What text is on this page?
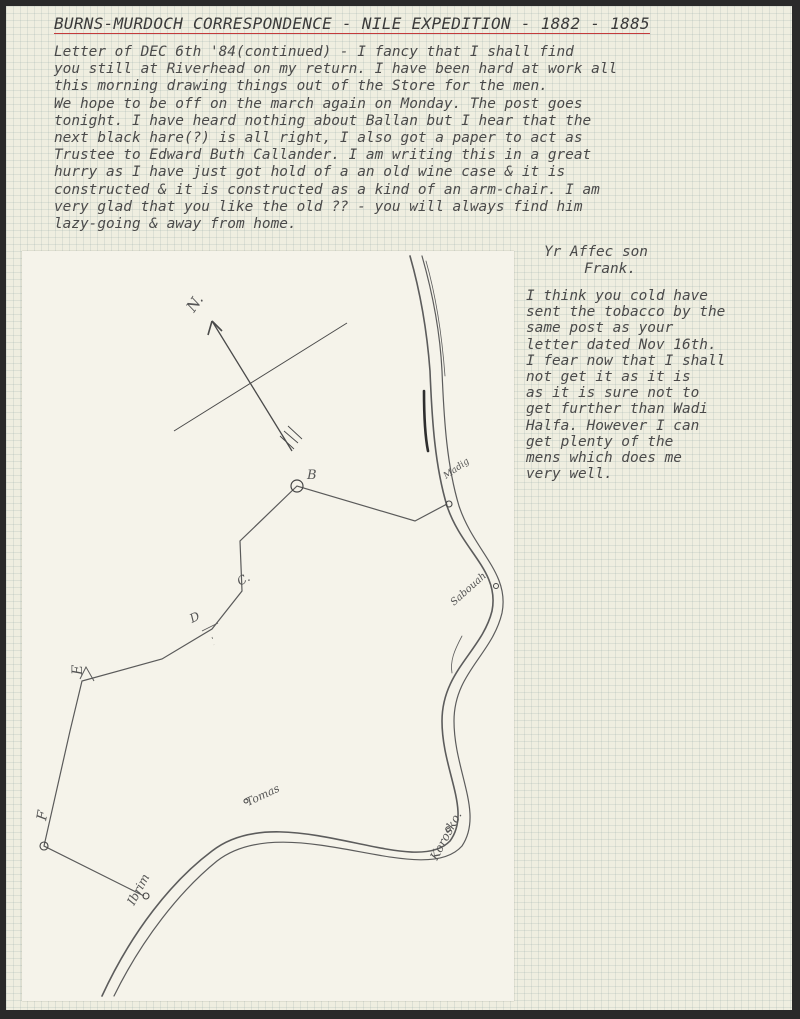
BURNS-MURDOCH CORRESPONDENCE - NILE EXPEDITION - 1882 - 1885

Letter of DEC 6th '84(continued) - I fancy that I shall find

you still at Riverhead on my return. I have been hard at work all

this morning drawing things out of the Store for the men.

We hope to be off on the march again on Monday. The post goes

tonight. I have heard nothing about Ballan but I hear that the

next black hare(?) is all right, I also got a paper to act as

Trustee to Edward Buth Callander. I am writing this in a great

hurry as I have just got hold of a an old wine case & it is

constructed & it is constructed as a kind of an arm-chair. I am

very glad that you like the old ?? - you will always find him

lazy-going & away from home.

Yr Affec son

Frank.

I think you cold have

sent the tobacco by the

same post as your

letter dated Nov 16th.

I fear now that I shall

not get it as it is

as it is sure not to

get further than Wadi

Halfa. However I can

get plenty of the

mens which does me

very well.

N.
B
C.
D
E
F	Korosko.
Tomas
Ibrim
Sabouah
Madig
